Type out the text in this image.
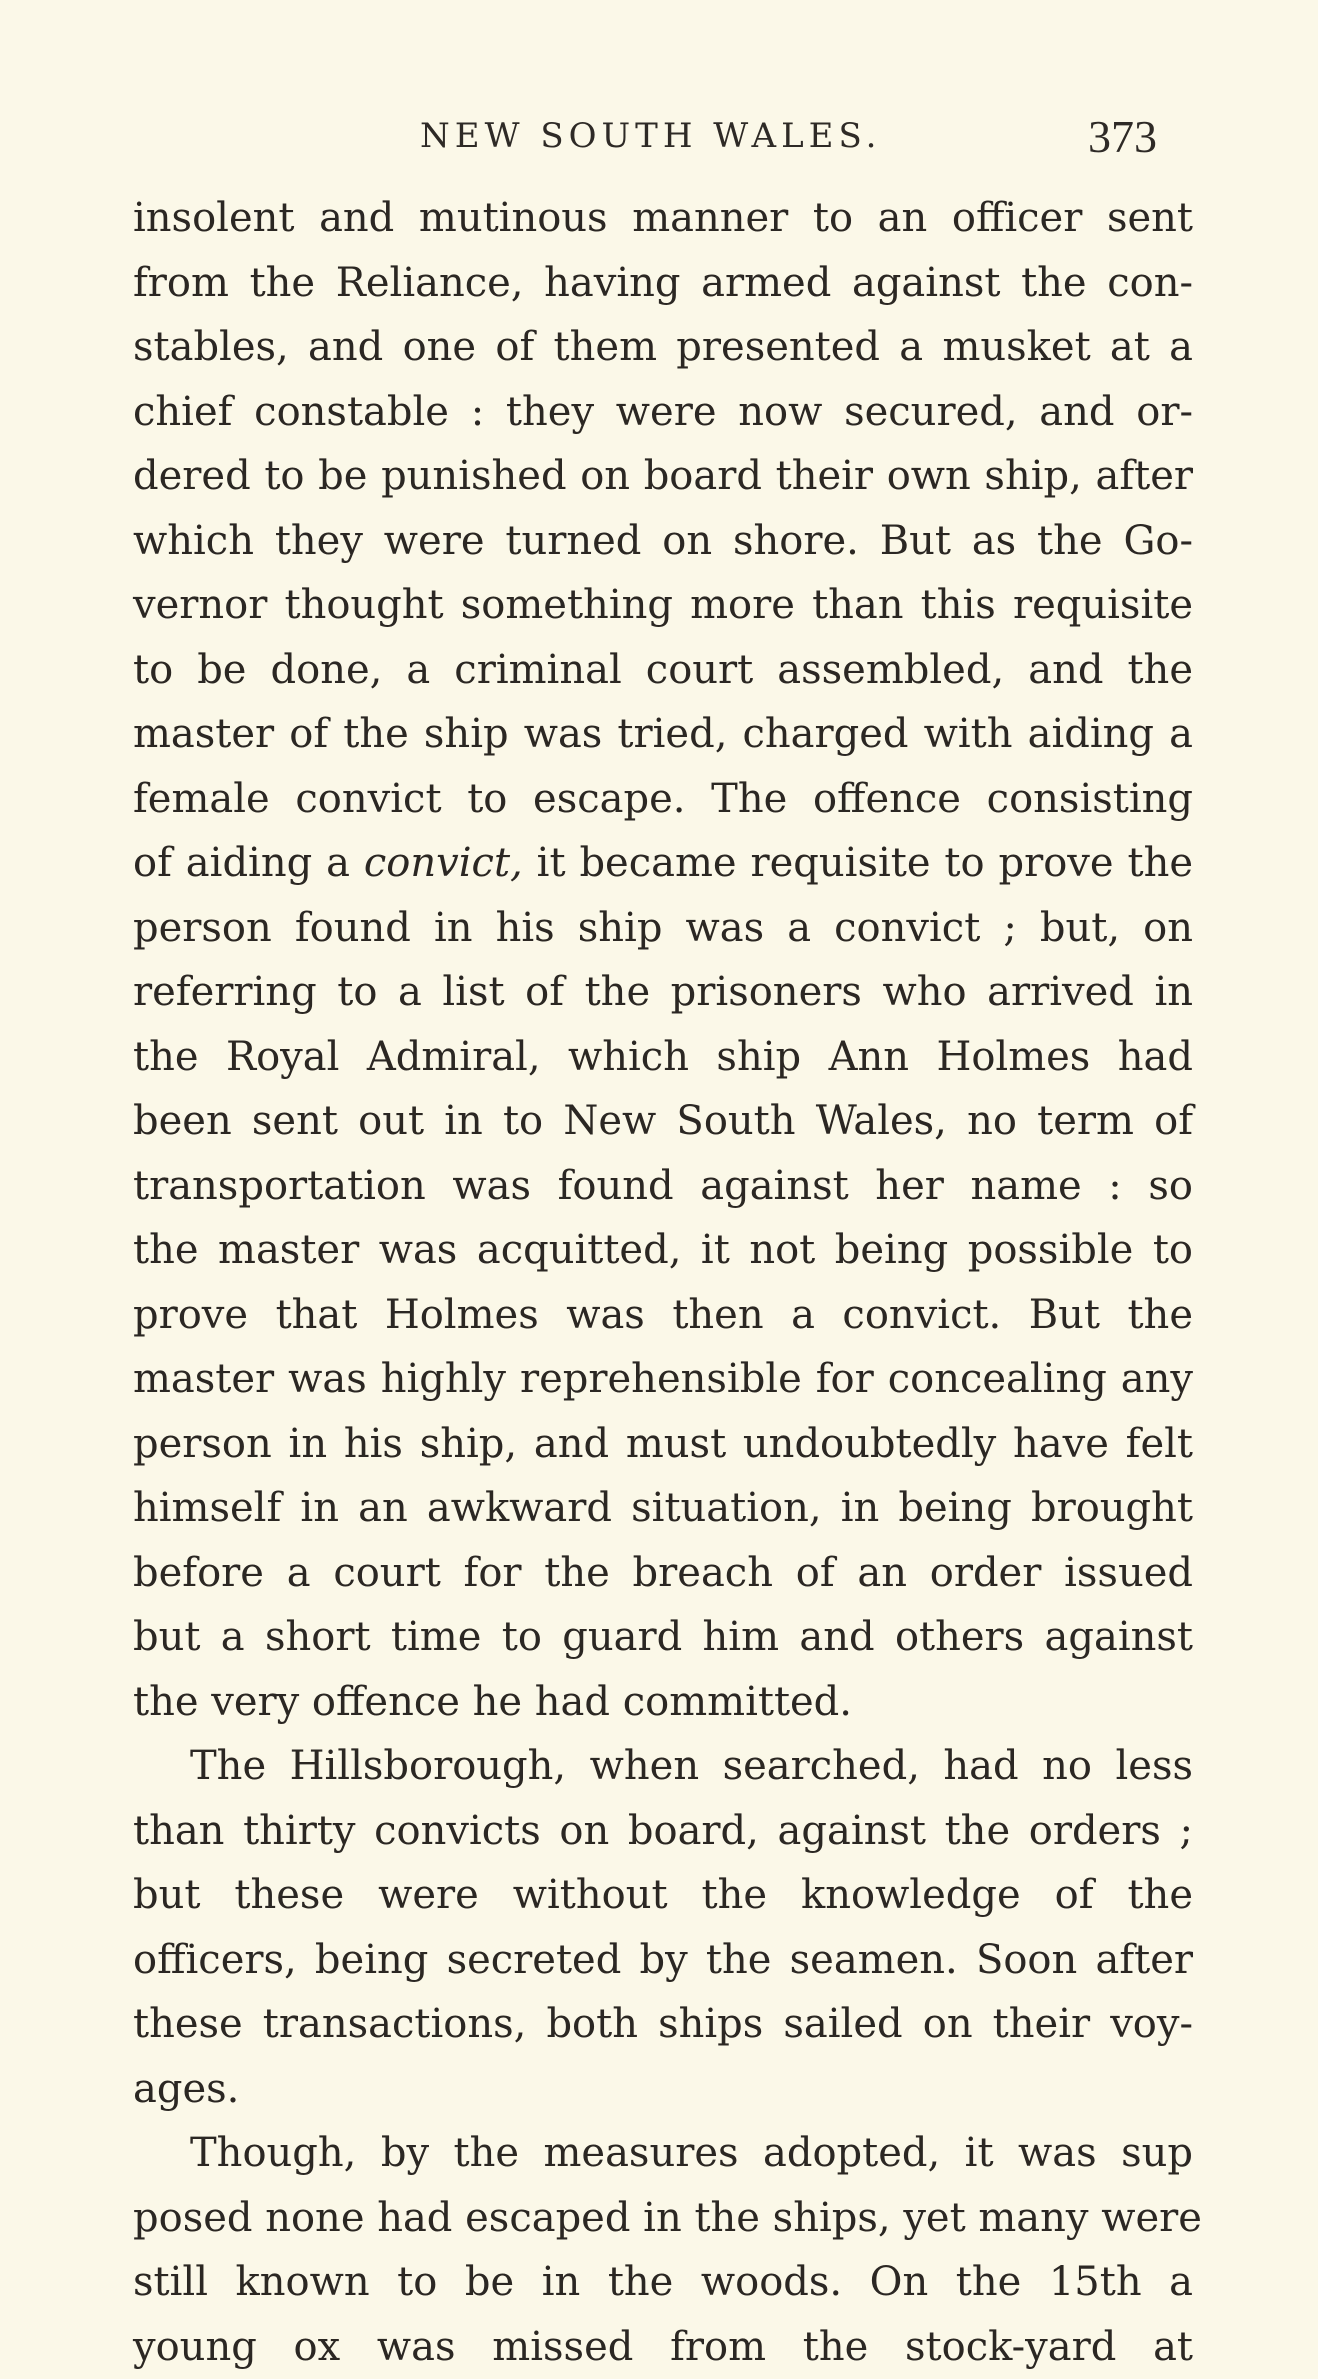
NEW SOUTH WALES.	373
insolent and mutinous manner to an officer sent
from the Reliance, having armed against the con-
stables, and one of them presented a musket at a
chief constable : they were now secured, and or-
dered to be punished on board their own ship, after
which they were turned on shore. But as the Go-
vernor thought something more than this requisite
to be done, a criminal court assembled, and the
master of the ship was tried, charged with aiding a
female convict to escape. The offence consisting
of aiding a convict, it became requisite to prove the
person found in his ship was a convict ; but, on
referring to a list of the prisoners who arrived in
the Royal Admiral, which ship Ann Holmes had
been sent out in to New South Wales, no term of
transportation was found against her name : so
the master was acquitted, it not being possible to
prove that Holmes was then a convict. But the
master was highly reprehensible for concealing any
person in his ship, and must undoubtedly have felt
himself in an awkward situation, in being brought
before a court for the breach of an order issued
but a short time to guard him and others against
the very offence he had committed.
The Hillsborough, when searched, had no less
than thirty convicts on board, against the orders ;
but these were without the knowledge of the
officers, being secreted by the seamen. Soon after
these transactions, both ships sailed on their voy-
ages.
Though, by the measures adopted, it was sup
posed none had escaped in the ships, yet many were
still known to be in the woods. On the 15th a
young ox was missed from the stock-yard at
